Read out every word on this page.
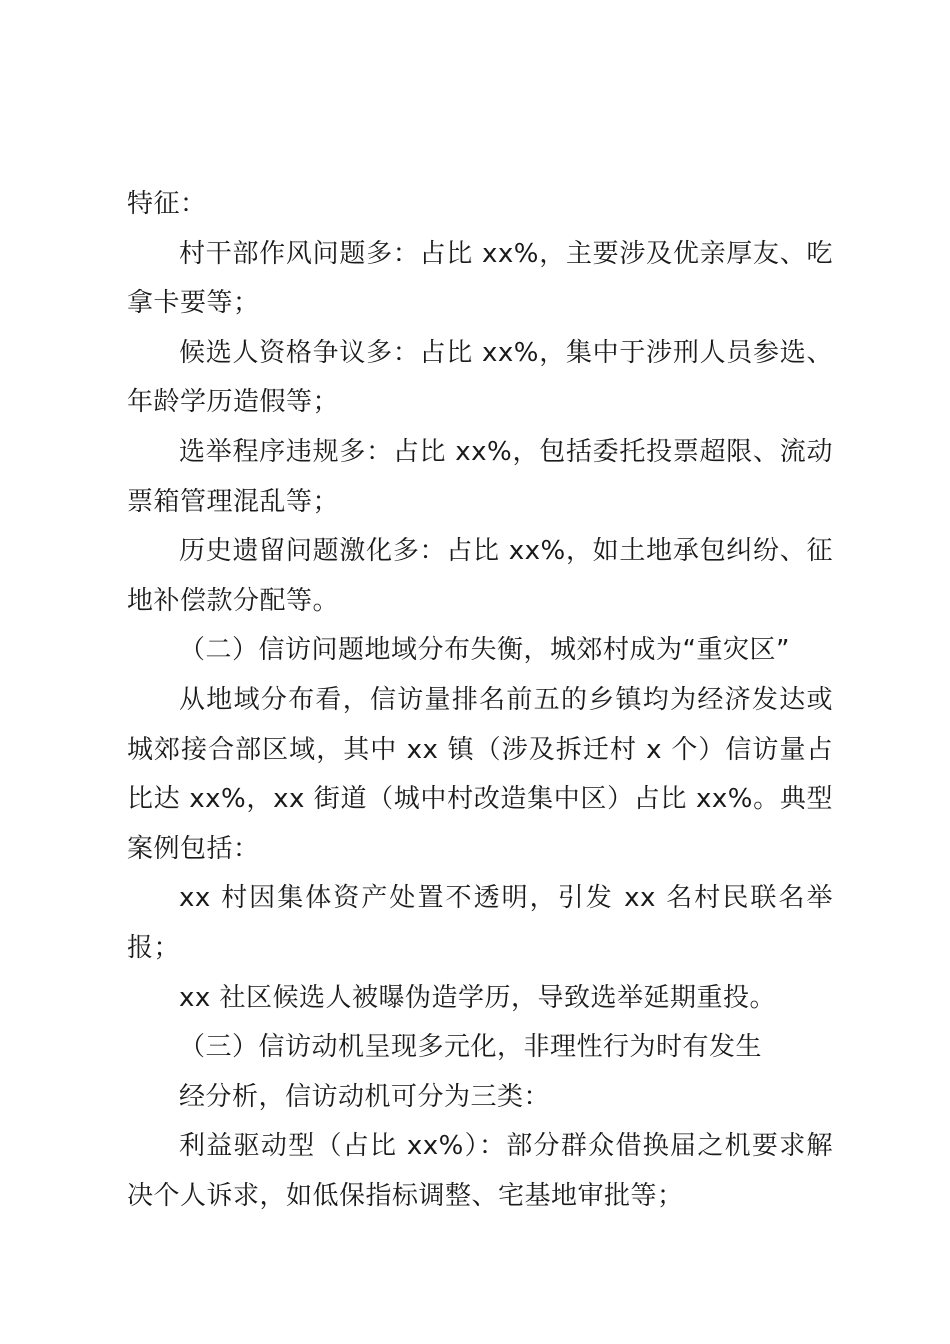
特征：

村干部作风问题多：占比 xx%，主要涉及优亲厚友、吃拿卡要等；

候选人资格争议多：占比 xx%，集中于涉刑人员参选、年龄学历造假等；

选举程序违规多：占比 xx%，包括委托投票超限、流动票箱管理混乱等；

历史遗留问题激化多：占比 xx%，如土地承包纠纷、征地补偿款分配等。

（二）信访问题地域分布失衡，城郊村成为“重灾区”

从地域分布看，信访量排名前五的乡镇均为经济发达或城郊接合部区域，其中 xx 镇（涉及拆迁村 x 个）信访量占比达 xx%，xx 街道（城中村改造集中区）占比 xx%。典型案例包括：

xx 村因集体资产处置不透明，引发 xx 名村民联名举报；

xx 社区候选人被曝伪造学历，导致选举延期重投。

（三）信访动机呈现多元化，非理性行为时有发生

经分析，信访动机可分为三类：

利益驱动型（占比 xx%）：部分群众借换届之机要求解决个人诉求，如低保指标调整、宅基地审批等；
